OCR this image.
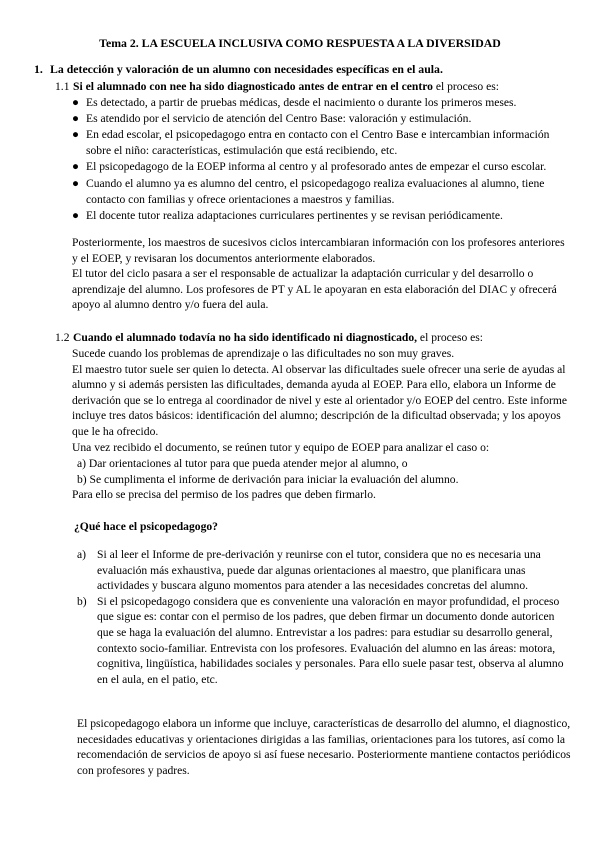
Tema 2. LA ESCUELA INCLUSIVA COMO RESPUESTA A LA DIVERSIDAD
1. La detección y valoración de un alumno con necesidades específicas en el aula.
1.1 Si el alumnado con nee ha sido diagnosticado antes de entrar en el centro el proceso es:
● Es detectado, a partir de pruebas médicas, desde el nacimiento o durante los primeros meses.
● Es atendido por el servicio de atención del Centro Base: valoración y estimulación.
● En edad escolar, el psicopedagogo entra en contacto con el Centro Base e intercambian información sobre el niño: características, estimulación que está recibiendo, etc.
● El psicopedagogo de la EOEP informa al centro y al profesorado antes de empezar el curso escolar.
● Cuando el alumno ya es alumno del centro, el psicopedagogo realiza evaluaciones al alumno, tiene contacto con familias y ofrece orientaciones a maestros y familias.
● El docente tutor realiza adaptaciones curriculares pertinentes y se revisan periódicamente.

Posteriormente, los maestros de sucesivos ciclos intercambiaran información con los profesores anteriores y el EOEP, y revisaran los documentos anteriormente elaborados.

El tutor del ciclo pasara a ser el responsable de actualizar la adaptación curricular y del desarrollo o aprendizaje del alumno. Los profesores de PT y AL le apoyaran en esta elaboración del DIAC y ofrecerá apoyo al alumno dentro y/o fuera del aula.

1.2 Cuando el alumnado todavía no ha sido identificado ni diagnosticado, el proceso es:

Sucede cuando los problemas de aprendizaje o las dificultades no son muy graves.

El maestro tutor suele ser quien lo detecta. Al observar las dificultades suele ofrecer una serie de ayudas al alumno y si además persisten las dificultades, demanda ayuda al EOEP. Para ello, elabora un Informe de derivación que se lo entrega al coordinador de nivel y este al orientador y/o EOEP del centro. Este informe incluye tres datos básicos: identificación del alumno; descripción de la dificultad observada; y los apoyos que le ha ofrecido.

Una vez recibido el documento, se reúnen tutor y equipo de EOEP para analizar el caso o:

a) Dar orientaciones al tutor para que pueda atender mejor al alumno, o
b) Se cumplimenta el informe de derivación para iniciar la evaluación del alumno.
Para ello se precisa del permiso de los padres que deben firmarlo.
¿Qué hace el psicopedagogo?
a) Si al leer el Informe de pre-derivación y reunirse con el tutor, considera que no es necesaria una evaluación más exhaustiva, puede dar algunas orientaciones al maestro, que planificara unas actividades y buscara alguno momentos para atender a las necesidades concretas del alumno.
b) Si el psicopedagogo considera que es conveniente una valoración en mayor profundidad, el proceso que sigue es: contar con el permiso de los padres, que deben firmar un documento donde autoricen que se haga la evaluación del alumno. Entrevistar a los padres: para estudiar su desarrollo general, contexto socio-familiar. Entrevista con los profesores. Evaluación del alumno en las áreas: motora, cognitiva, lingüística, habilidades sociales y personales. Para ello suele pasar test, observa al alumno en el aula, en el patio, etc.
El psicopedagogo elabora un informe que incluye, características de desarrollo del alumno, el diagnostico, necesidades educativas y orientaciones dirigidas a las familias, orientaciones para los tutores, así como la recomendación de servicios de apoyo si así fuese necesario. Posteriormente mantiene contactos periódicos con profesores y padres.
